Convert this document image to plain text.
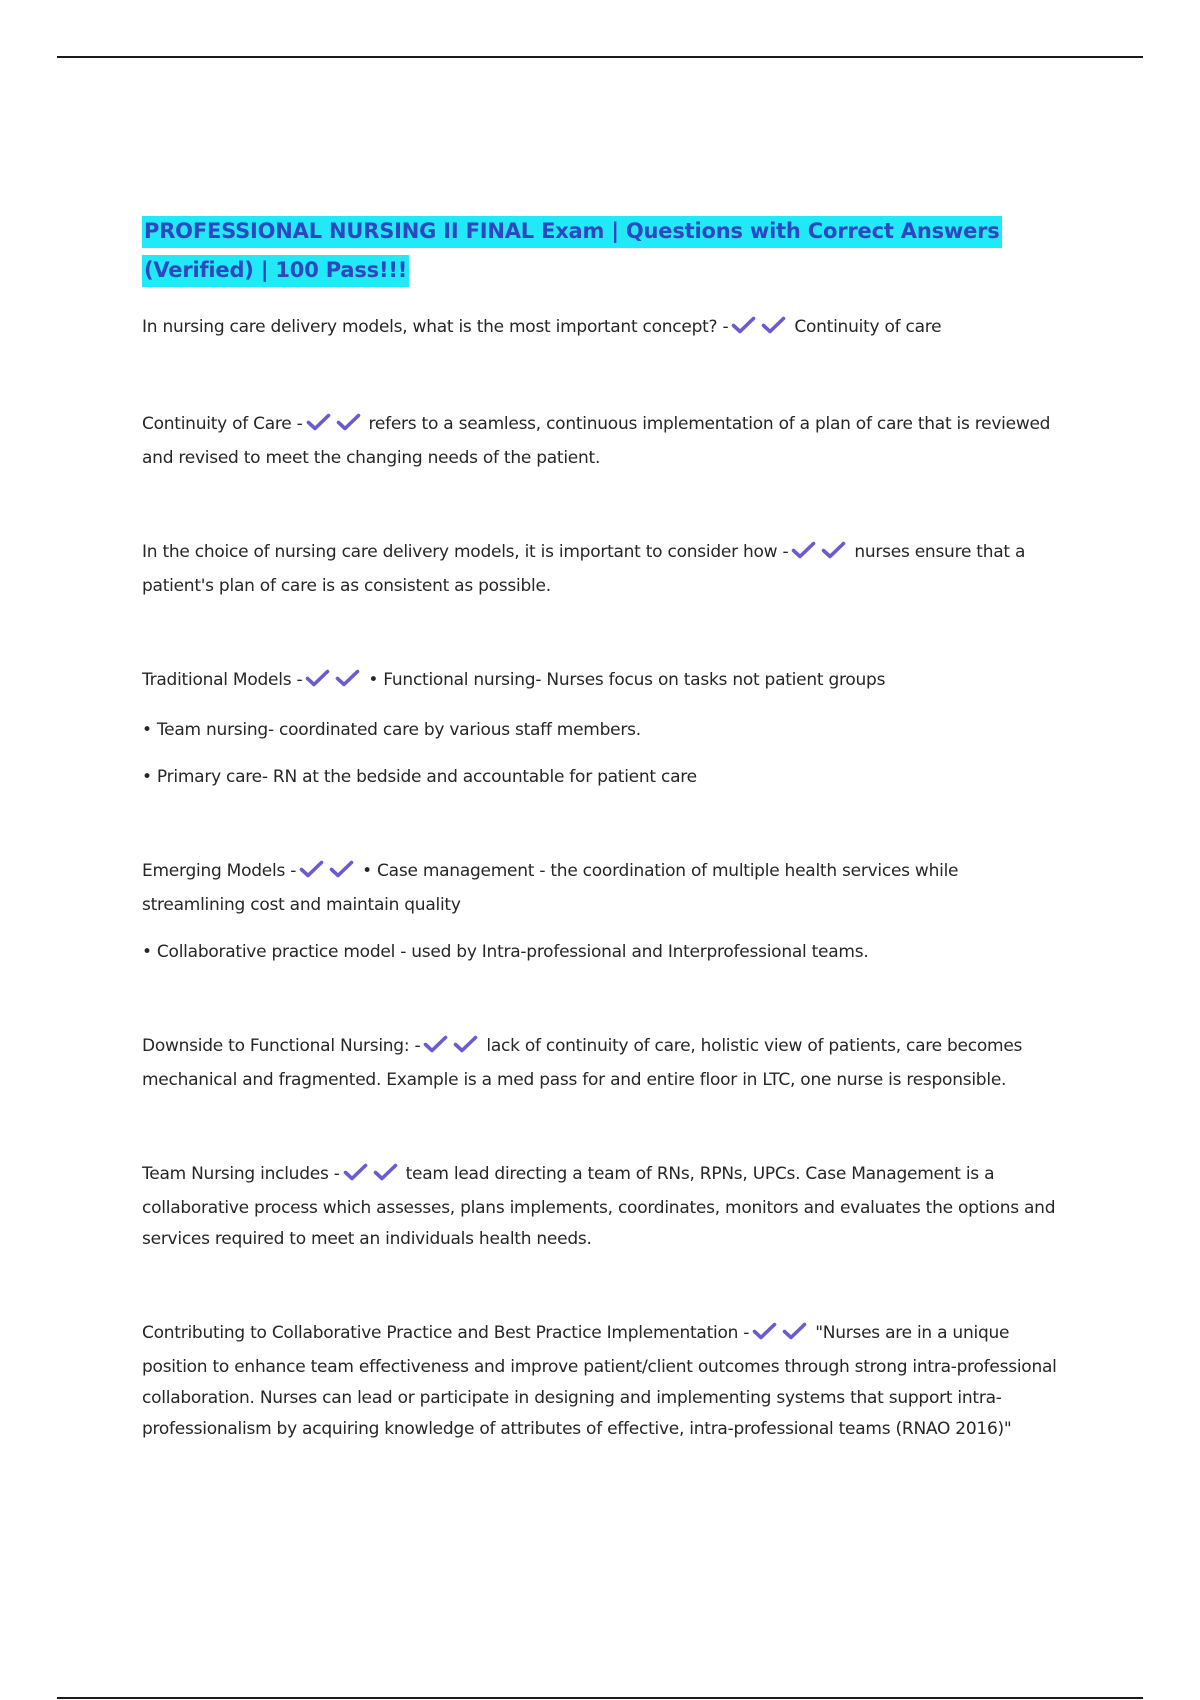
PROFESSIONAL NURSING II FINAL Exam | Questions with Correct Answers (Verified) | 100 Pass!!!

In nursing care delivery models, what is the most important concept? -	Continuity of care

Continuity of Care -	refers to a seamless, continuous implementation of a plan of care that is reviewed and revised to meet the changing needs of the patient.

In the choice of nursing care delivery models, it is important to consider how -	nurses ensure that a patient's plan of care is as consistent as possible.

Traditional Models -	• Functional nursing- Nurses focus on tasks not patient groups

• Team nursing- coordinated care by various staff members.

• Primary care- RN at the bedside and accountable for patient care

Emerging Models -	• Case management - the coordination of multiple health services while streamlining cost and maintain quality

• Collaborative practice model - used by Intra-professional and Interprofessional teams.

Downside to Functional Nursing: -	lack of continuity of care, holistic view of patients, care becomes mechanical and fragmented. Example is a med pass for and entire floor in LTC, one nurse is responsible.

Team Nursing includes -	team lead directing a team of RNs, RPNs, UPCs. Case Management is a collaborative process which assesses, plans implements, coordinates, monitors and evaluates the options and services required to meet an individuals health needs.

Contributing to Collaborative Practice and Best Practice Implementation -	"Nurses are in a unique position to enhance team effectiveness and improve patient/client outcomes through strong intra-professional collaboration. Nurses can lead or participate in designing and implementing systems that support intra-professionalism by acquiring knowledge of attributes of effective, intra-professional teams (RNAO 2016)"
